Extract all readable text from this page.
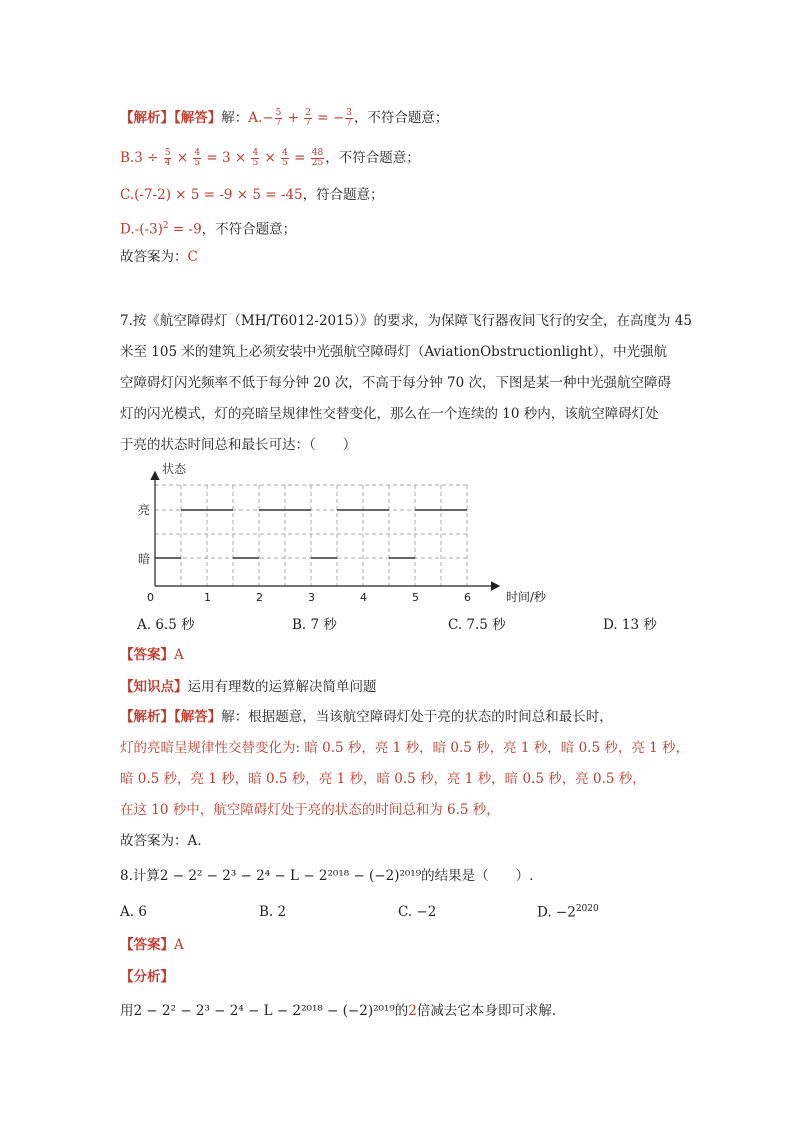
【解析】【解答】解：$A.- \frac{5}{7} + \frac{2}{7}$ = − $\frac{3}{7}$ ，不符合题意；
$B.3 \div \frac{5}{4} \times \frac{4}{5} = 3 \times \frac{4}{5} \times \frac{4}{5} = \frac{48}{25}$ ，不符合题意；
C.(-7-2) × 5 = -9 × 5 = -45，符合题意；
$D.-(-3)^2 = -9$，不符合题意；
故答案为：C
7.按《航空障碍灯（MH/T6012-2015）》的要求，为保障飞行器夜间飞行的安全，在高度为 45
米至 105 米的建筑上必须安装中光强航空障碍灯（AviationObstructionlight），中光强航
空障碍灯闪光频率不低于每分钟 20 次，不高于每分钟 70 次，下图是某一种中光强航空障碍
灯的闪光模式，灯的亮暗呈规律性交替变化，那么在一个连续的 10 秒内，该航空障碍灯处
于亮的状态时间总和最长可达：（　　）
状态
时间/秒
亮
暗
0	1	2	3	4	5	6
A. 6.5 秒	B. 7 秒	C. 7.5 秒	D. 13 秒
【答案】A
【知识点】运用有理数的运算解决简单问题
【解析】【解答】解：根据题意，当该航空障碍灯处于亮的状态的时间总和最长时，
灯的亮暗呈规律性交替变化为: 暗 0.5 秒，亮 1 秒，暗 0.5 秒，亮 1 秒，暗 0.5 秒，亮 1 秒，
暗 0.5 秒，亮 1 秒，暗 0.5 秒，亮 1 秒，暗 0.5 秒，亮 1 秒，暗 0.5 秒，亮 0.5 秒，
在这 10 秒中，航空障碍灯处于亮的状态的时间总和为 6.5 秒，
故答案为：A.
8.计算2 − 2² − 2³ − 2⁴ − L − 2²⁰¹⁸ − (−2)²⁰¹⁹的结果是（　　）.
A. 6	B. 2	C. −2	D. $-2^{2020}$
【答案】A
【分析】
用2 − 2² − 2³ − 2⁴ − L − 2²⁰¹⁸ − (−2)²⁰¹⁹的2倍减去它本身即可求解.
